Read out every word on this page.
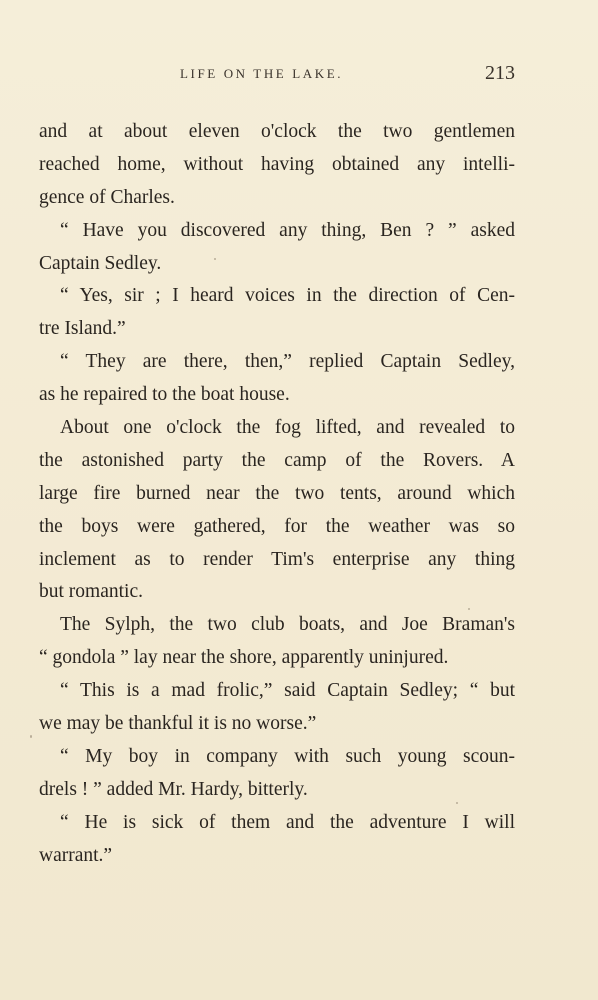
LIFE ON THE LAKE.	213
and at about eleven o'clock the two gentlemen
reached home, without having obtained any intelli-
gence of Charles.
“ Have you discovered any thing, Ben ? ” asked
Captain Sedley.
“ Yes, sir ; I heard voices in the direction of Cen-
tre Island.”
“ They are there, then,” replied Captain Sedley,
as he repaired to the boat house.
About one o'clock the fog lifted, and revealed to
the astonished party the camp of the Rovers. A
large fire burned near the two tents, around which
the boys were gathered, for the weather was so
inclement as to render Tim's enterprise any thing
but romantic.
The Sylph, the two club boats, and Joe Braman's
“ gondola ” lay near the shore, apparently uninjured.
“ This is a mad frolic,” said Captain Sedley; “ but
we may be thankful it is no worse.”
“ My boy in company with such young scoun-
drels ! ” added Mr. Hardy, bitterly.
“ He is sick of them and the adventure I will
warrant.”
